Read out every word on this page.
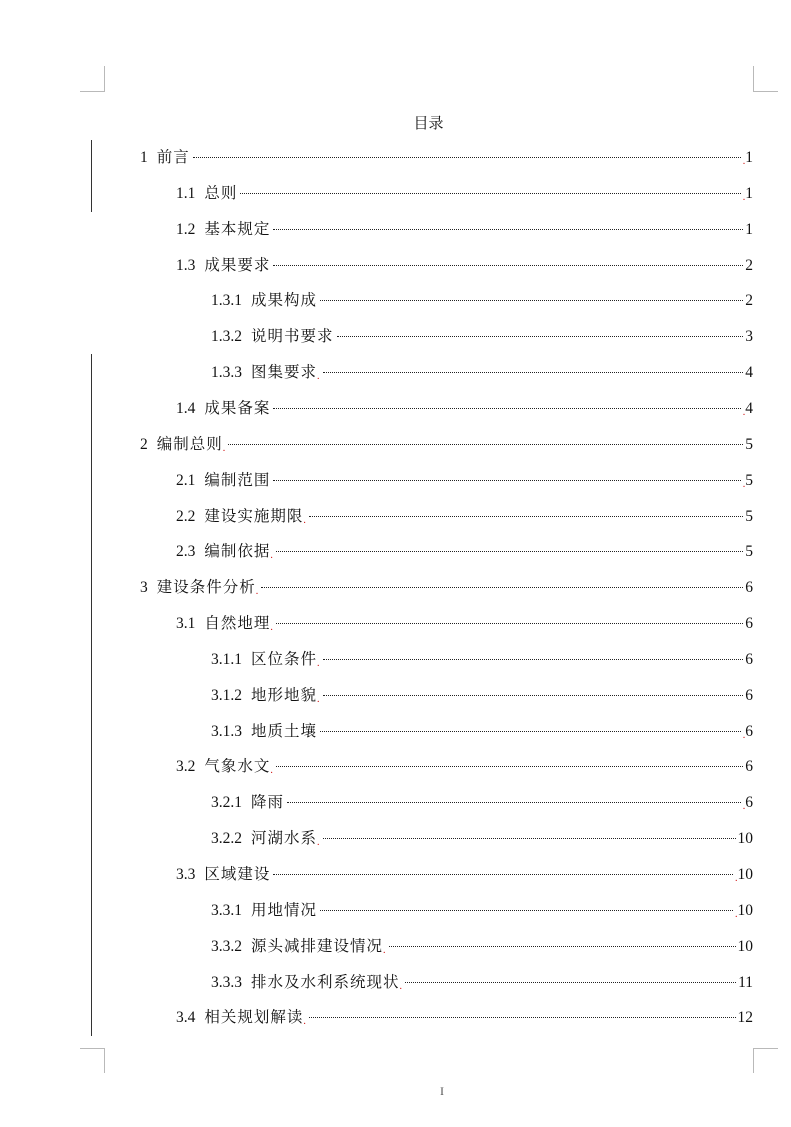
目录
1 前言	. 1
1.1 总则	. 1
1.2 基本规定	1
1.3 成果要求	2
1.3.1 成果构成	2
1.3.2 说明书要求	3
1.3.3 图集要求 .	4
1.4 成果备案	. 4
2 编制总则 .	5
2.1 编制范围	. 5
2.2 建设实施期限 .	5
2.3 编制依据 .	5
3 建设条件分析 .	6
3.1 自然地理 .	6
3.1.1 区位条件 .	6
3.1.2 地形地貌 .	6
3.1.3 地质土壤	. 6
3.2 气象水文 .	6
3.2.1 降雨	. 6
3.2.2 河湖水系 .	10
3.3 区域建设	. 10
3.3.1 用地情况	. 10
3.3.2 源头减排建设情况 .	10
3.3.3 排水及水利系统现状 .	11
3.4 相关规划解读 .	12
I
